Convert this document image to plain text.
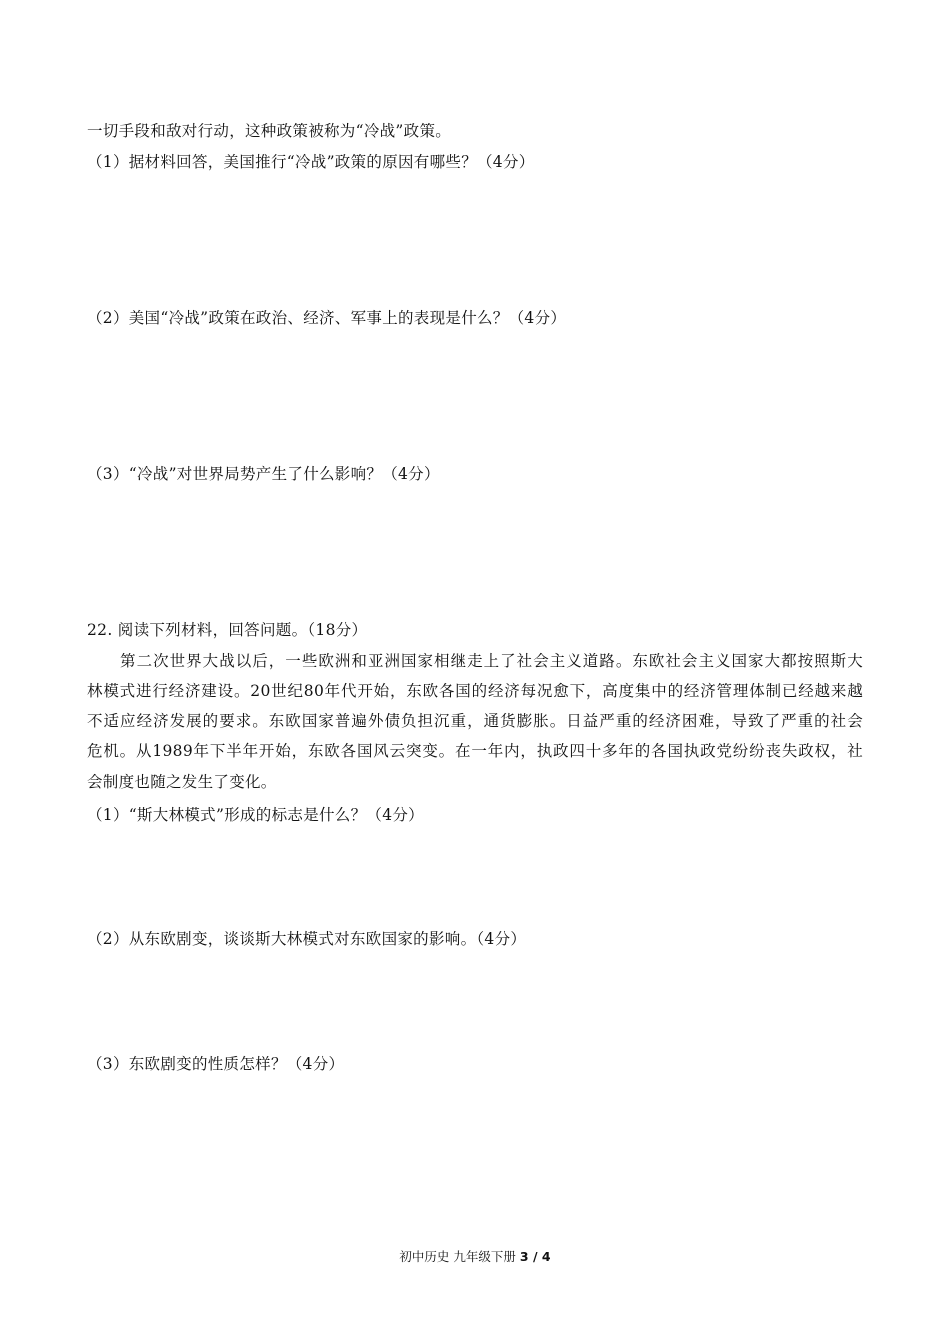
一切手段和敌对行动，这种政策被称为“冷战”政策。
（1）据材料回答，美国推行“冷战”政策的原因有哪些？（4分）
（2）美国“冷战”政策在政治、经济、军事上的表现是什么？（4分）
（3）“冷战”对世界局势产生了什么影响？（4分）
22. 阅读下列材料，回答问题。（18分）
　　第二次世界大战以后，一些欧洲和亚洲国家相继走上了社会主义道路。东欧社会主义国家大都按照斯大
林模式进行经济建设。20世纪80年代开始，东欧各国的经济每况愈下，高度集中的经济管理体制已经越来越
不适应经济发展的要求。东欧国家普遍外债负担沉重，通货膨胀。日益严重的经济困难，导致了严重的社会
危机。从1989年下半年开始，东欧各国风云突变。在一年内，执政四十多年的各国执政党纷纷丧失政权，社
会制度也随之发生了变化。
（1）“斯大林模式”形成的标志是什么？（4分）
（2）从东欧剧变，谈谈斯大林模式对东欧国家的影响。（4分）
（3）东欧剧变的性质怎样？（4分）
初中历史 九年级下册 3 / 4
